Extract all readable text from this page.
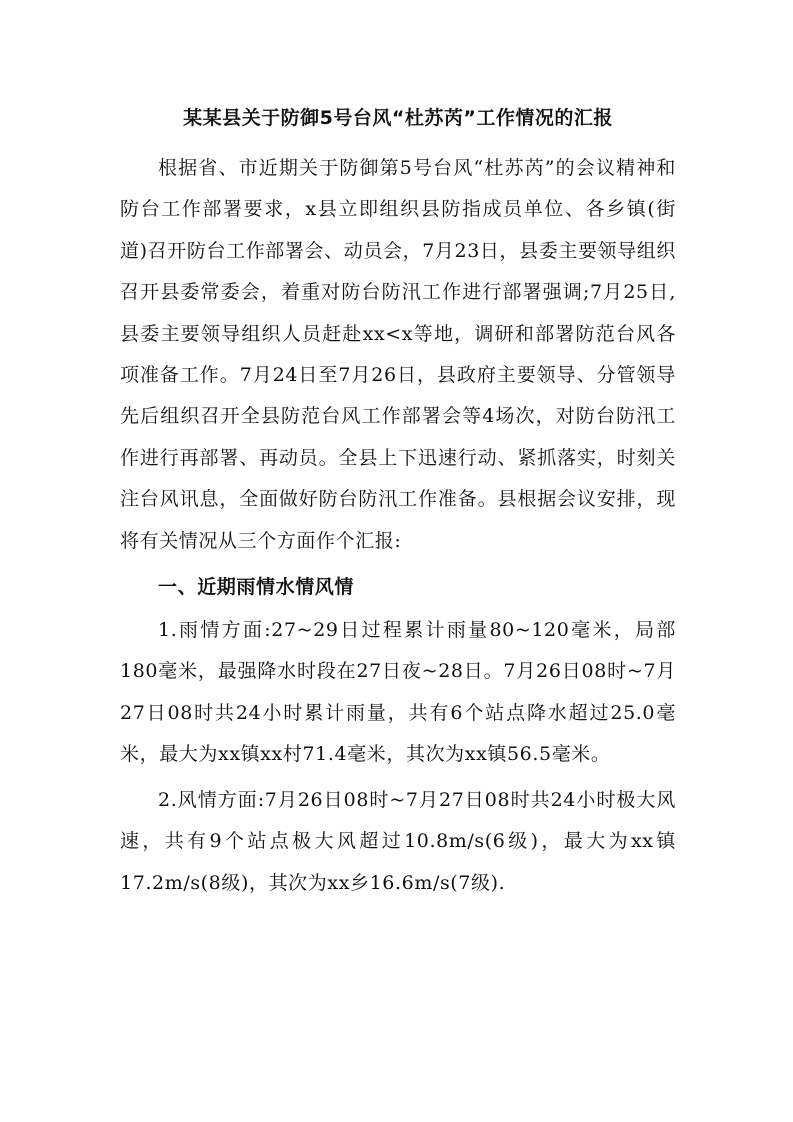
某某县关于防御5号台风“杜苏芮”工作情况的汇报

根据省、市近期关于防御第5号台风“杜苏芮”的会议精神和防台工作部署要求，x县立即组织县防指成员单位、各乡镇(街道)召开防台工作部署会、动员会，7月23日，县委主要领导组织召开县委常委会，着重对防台防汛工作进行部署强调;7月25日,县委主要领导组织人员赶赴xx<x等地，调研和部署防范台风各项准备工作。7月24日至7月26日，县政府主要领导、分管领导先后组织召开全县防范台风工作部署会等4场次，对防台防汛工作进行再部署、再动员。全县上下迅速行动、紧抓落实，时刻关注台风讯息，全面做好防台防汛工作准备。县根据会议安排，现将有关情况从三个方面作个汇报:

一、近期雨情水情风情

1.雨情方面:27~29日过程累计雨量80~120毫米，局部180毫米，最强降水时段在27日夜~28日。7月26日08时~7月27日08时共24小时累计雨量，共有6个站点降水超过25.0毫米，最大为xx镇xx村71.4毫米，其次为xx镇56.5毫米。

2.风情方面:7月26日08时~7月27日08时共24小时极大风速，共有9个站点极大风超过10.8m/s(6级)，最大为xx镇17.2m/s(8级)，其次为xx乡16.6m/s(7级).
